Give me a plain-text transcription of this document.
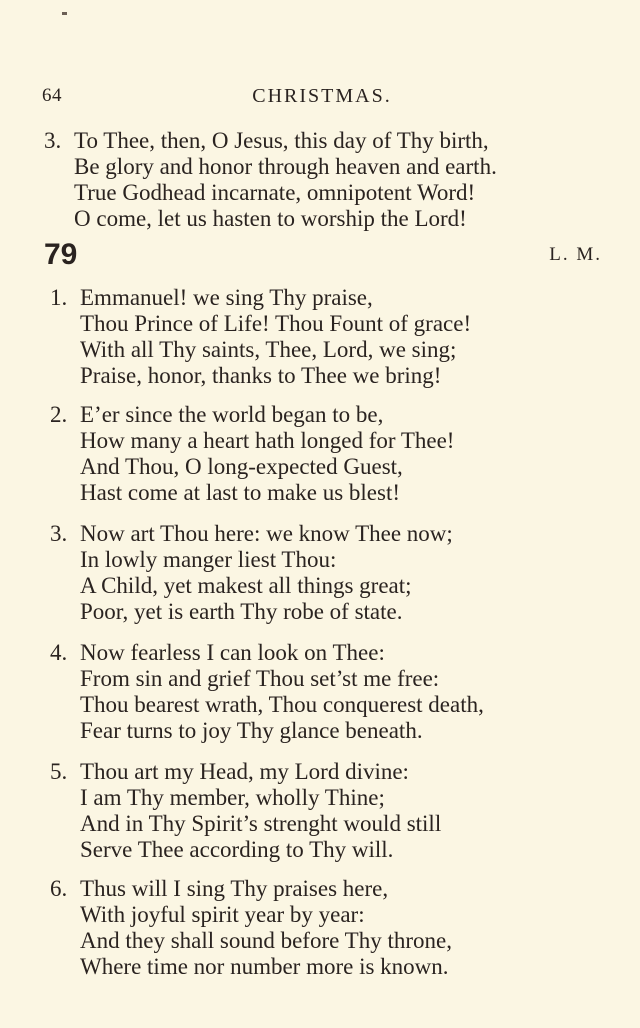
64	CHRISTMAS.
3. To Thee, then, O Jesus, this day of Thy birth,
Be glory and honor through heaven and earth.
True Godhead incarnate, omnipotent Word!
O come, let us hasten to worship the Lord!
79	L. M.
1. Emmanuel! we sing Thy praise,
Thou Prince of Life! Thou Fount of grace!
With all Thy saints, Thee, Lord, we sing;
Praise, honor, thanks to Thee we bring!
2. E’er since the world began to be,
How many a heart hath longed for Thee!
And Thou, O long-expected Guest,
Hast come at last to make us blest!
3. Now art Thou here: we know Thee now;
In lowly manger liest Thou:
A Child, yet makest all things great;
Poor, yet is earth Thy robe of state.
4. Now fearless I can look on Thee:
From sin and grief Thou set’st me free:
Thou bearest wrath, Thou conquerest death,
Fear turns to joy Thy glance beneath.
5. Thou art my Head, my Lord divine:
I am Thy member, wholly Thine;
And in Thy Spirit’s strenght would still
Serve Thee according to Thy will.
6. Thus will I sing Thy praises here,
With joyful spirit year by year:
And they shall sound before Thy throne,
Where time nor number more is known.
